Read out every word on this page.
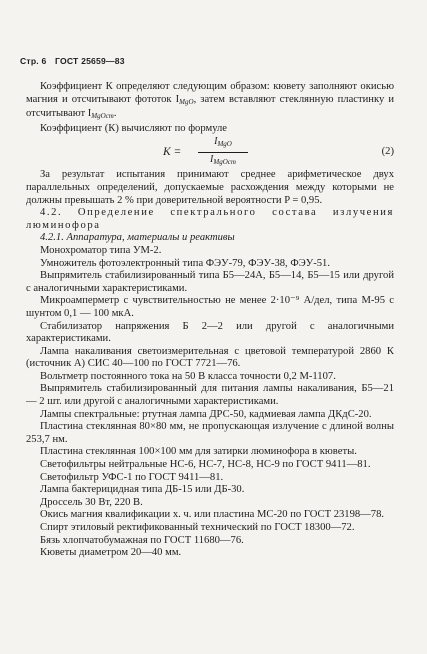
Стр. 6 ГОСТ 25659—83

Коэффициент К определяют следующим образом: кювету заполняют окисью магния и отсчитывают фототок $I_{MgO}$, затем вставляют стеклянную пластинку и отсчитывают $I_{MgOст}$.

Коэффициент (К) вычисляют по формуле

K =
$I_{MgO}$
$I_{MgOст}$
(2)

За результат испытания принимают среднее арифметическое двух параллельных определений, допускаемые расхождения между которыми не должны превышать 2 % при доверительной вероятности P = 0,95.

4.2. Определение спектрального состава излучения люминофора

4.2.1. Аппаратура, материалы и реактивы

Монохроматор типа УМ-2.

Умножитель фотоэлектронный типа ФЭУ-79, ФЭУ-38, ФЭУ-51.

Выпрямитель стабилизированный типа Б5—24А, Б5—14, Б5—15 или другой с аналогичными характеристиками.

Микроамперметр с чувствительностью не менее 2·10⁻⁹ А/дел, типа М-95 с шунтом 0,1 — 100 мкА.

Стабилизатор напряжения Б 2—2 или другой с аналогичными характеристиками.

Лампа накаливания светоизмерительная с цветовой температурой 2860 К (источник А) СИС 40—100 по ГОСТ 7721—76.

Вольтметр постоянного тока на 50 В класса точности 0,2 М-1107.

Выпрямитель стабилизированный для питания лампы накаливания, Б5—21 — 2 шт. или другой с аналогичными характеристиками.

Лампы спектральные: ртутная лампа ДРС-50, кадмиевая лампа ДКдС-20.

Пластина стеклянная 80×80 мм, не пропускающая излучение с длиной волны 253,7 нм.

Пластина стеклянная 100×100 мм для затирки люминофора в кюветы.

Светофильтры нейтральные НС-6, НС-7, НС-8, НС-9 по ГОСТ 9411—81.

Светофильтр УФС-1 по ГОСТ 9411—81.

Лампа бактерицидная типа ДБ-15 или ДБ-30.

Дроссель 30 Вт, 220 В.

Окись магния квалификации х. ч. или пластина МС-20 по ГОСТ 23198—78.

Спирт этиловый ректификованный технический по ГОСТ 18300—72.

Бязь хлопчатобумажная по ГОСТ 11680—76.

Кюветы диаметром 20—40 мм.
